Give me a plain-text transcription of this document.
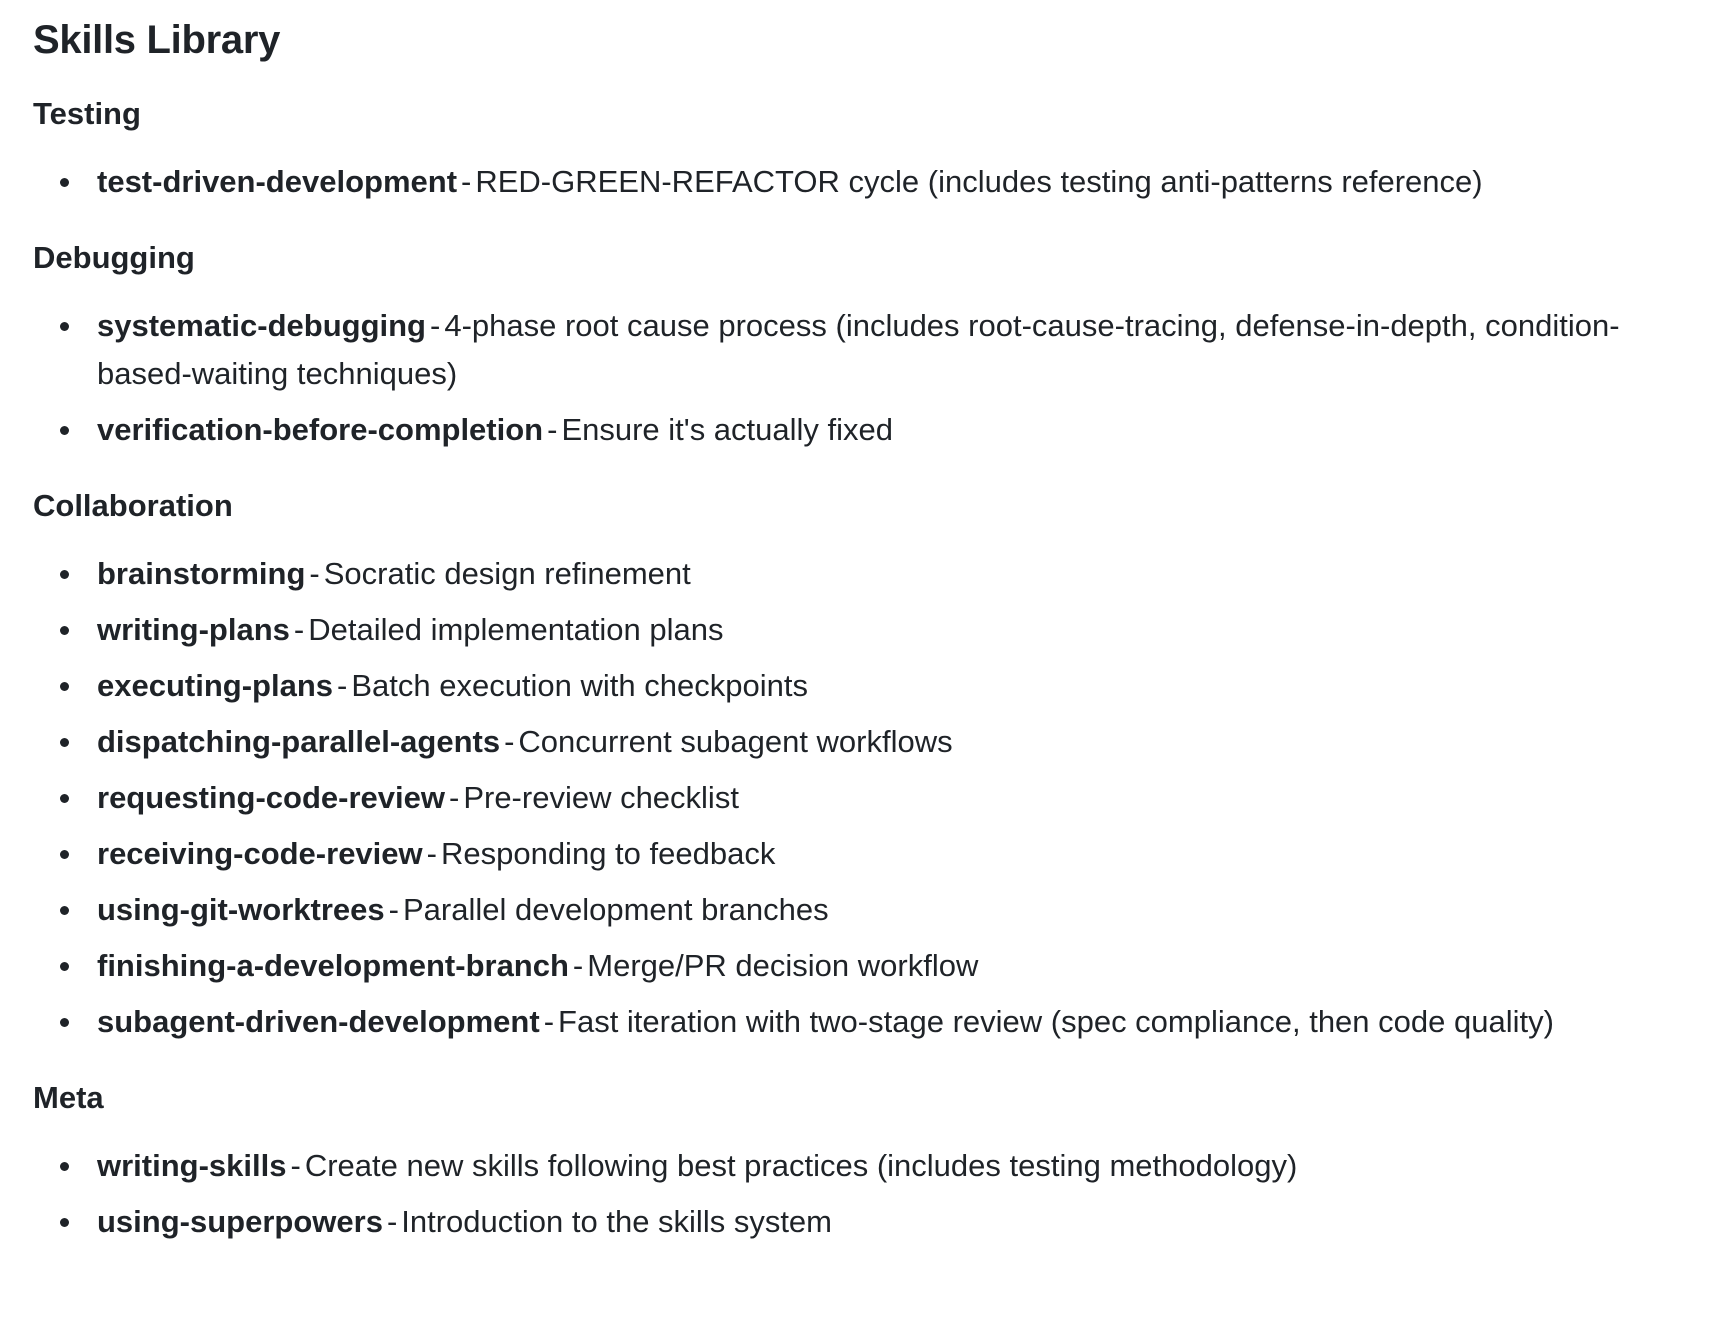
Skills Library
Testing
test-driven-development - RED-GREEN-REFACTOR cycle (includes testing anti-patterns reference)
Debugging
systematic-debugging - 4-phase root cause process (includes root-cause-tracing, defense-in-depth, condition-based-waiting techniques)
verification-before-completion - Ensure it's actually fixed
Collaboration
brainstorming - Socratic design refinement
writing-plans - Detailed implementation plans
executing-plans - Batch execution with checkpoints
dispatching-parallel-agents - Concurrent subagent workflows
requesting-code-review - Pre-review checklist
receiving-code-review - Responding to feedback
using-git-worktrees - Parallel development branches
finishing-a-development-branch - Merge/PR decision workflow
subagent-driven-development - Fast iteration with two-stage review (spec compliance, then code quality)
Meta
writing-skills - Create new skills following best practices (includes testing methodology)
using-superpowers - Introduction to the skills system
